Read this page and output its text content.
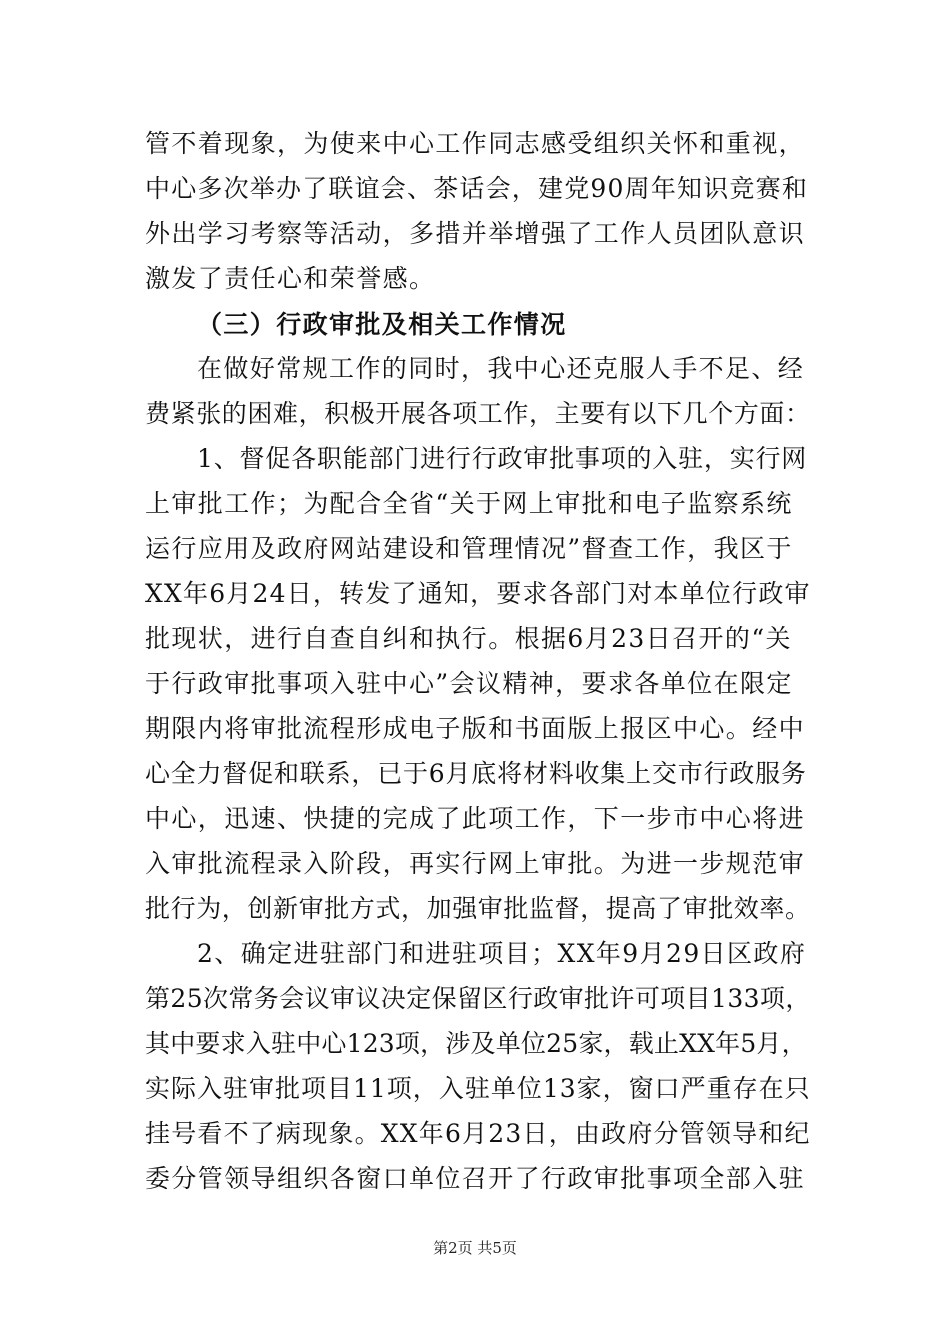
管不着现象，为使来中心工作同志感受组织关怀和重视，
中心多次举办了联谊会、茶话会，建党90周年知识竞赛和
外出学习考察等活动，多措并举增强了工作人员团队意识
激发了责任心和荣誉感。
（三）行政审批及相关工作情况
在做好常规工作的同时，我中心还克服人手不足、经
费紧张的困难，积极开展各项工作，主要有以下几个方面：
1、督促各职能部门进行行政审批事项的入驻，实行网
上审批工作；为配合全省“关于网上审批和电子监察系统
运行应用及政府网站建设和管理情况”督查工作，我区于
XX年6月24日，转发了通知，要求各部门对本单位行政审
批现状，进行自查自纠和执行。根据6月23日召开的“关
于行政审批事项入驻中心”会议精神，要求各单位在限定
期限内将审批流程形成电子版和书面版上报区中心。经中
心全力督促和联系，已于6月底将材料收集上交市行政服务
中心，迅速、快捷的完成了此项工作，下一步市中心将进
入审批流程录入阶段，再实行网上审批。为进一步规范审
批行为，创新审批方式，加强审批监督，提高了审批效率。
2、确定进驻部门和进驻项目；XX年9月29日区政府
第25次常务会议审议决定保留区行政审批许可项目133项，
其中要求入驻中心123项，涉及单位25家，载止XX年5月，
实际入驻审批项目11项，入驻单位13家，窗口严重存在只
挂号看不了病现象。XX年6月23日，由政府分管领导和纪
委分管领导组织各窗口单位召开了行政审批事项全部入驻
第2页 共5页
